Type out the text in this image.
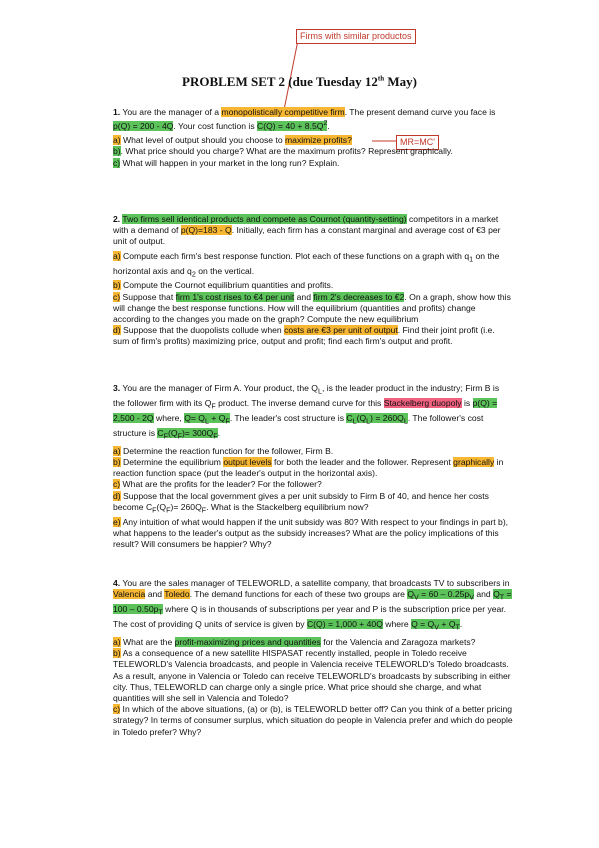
Firms with similar productos
MR=MC'
PROBLEM SET 2 (due Tuesday 12th May)

1. You are the manager of a monopolistically competitive firm. The present demand curve you face is p(Q) = 200 - 4Q. Your cost function is $C(Q) = 40 + 8.5Q^2$.

a) What level of output should you choose to maximize profits?

b). What price should you charge? What are the maximum profits? Represent graphically.

c) What will happen in your market in the long run? Explain.

2. Two firms sell identical products and compete as Cournot (quantity-setting) competitors in a market with a demand of p(Q)=183 - Q. Initially, each firm has a constant marginal and average cost of €3 per unit of output.

a) Compute each firm's best response function. Plot each of these functions on a graph with $q_1$ on the horizontal axis and $q_2$ on the vertical.

b) Compute the Cournot equilibrium quantities and profits.

c) Suppose that firm 1's cost rises to €4 per unit and firm 2's decreases to €2. On a graph, show how this will change the best response functions. How will the equilibrium (quantities and profits) change according to the changes you made on the graph? Compute the new equilibrium

d) Suppose that the duopolists collude when costs are €3 per unit of output. Find their joint profit (i.e. sum of firm's profits) maximizing price, output and profit; find each firm's output and profit.

3. You are the manager of Firm A. Your product, the $Q_L$, is the leader product in the industry; Firm B is the follower firm with its $Q_F$ product. The inverse demand curve for this Stackelberg duopoly is p(Q) = 2,500 - 2Q where, $Q= Q_L + Q_F$. The leader's cost structure is $C_L(Q_L) = 260Q_L$. The follower's cost structure is $C_F(Q_F)= 300Q_F$.

a) Determine the reaction function for the follower, Firm B.

b) Determine the equilibrium output levels for both the leader and the follower. Represent graphically in reaction function space (put the leader's output in the horizontal axis).

c) What are the profits for the leader? For the follower?

d) Suppose that the local government gives a per unit subsidy to Firm B of 40, and hence her costs become $C_F(Q_F)= 260Q_F$. What is the Stackelberg equilibrium now?

e) Any intuition of what would happen if the unit subsidy was 80? With respect to your findings in part b), what happens to the leader's output as the subsidy increases? What are the policy implications of this result? Will consumers be happier? Why?

4. You are the sales manager of TELEWORLD, a satellite company, that broadcasts TV to subscribers in Valencia and Toledo. The demand functions for each of these two groups are $Q_V = 60 - 0.25p_V$ and $Q_T = 100 - 0.50p_T$ where Q is in thousands of subscriptions per year and P is the subscription price per year. The cost of providing Q units of service is given by C(Q) = 1,000 + 40Q where $Q = Q_V + Q_T$.

a) What are the profit-maximizing prices and quantities for the Valencia and Zaragoza markets?

b) As a consequence of a new satellite HISPASAT recently installed, people in Toledo receive TELEWORLD's Valencia broadcasts, and people in Valencia receive TELEWORLD's Toledo broadcasts. As a result, anyone in Valencia or Toledo can receive TELEWORLD's broadcasts by subscribing in either city. Thus, TELEWORLD can charge only a single price. What price should she charge, and what quantities will she sell in Valencia and Toledo?

c) In which of the above situations, (a) or (b), is TELEWORLD better off? Can you think of a better pricing strategy? In terms of consumer surplus, which situation do people in Valencia prefer and which do people in Toledo prefer? Why?
